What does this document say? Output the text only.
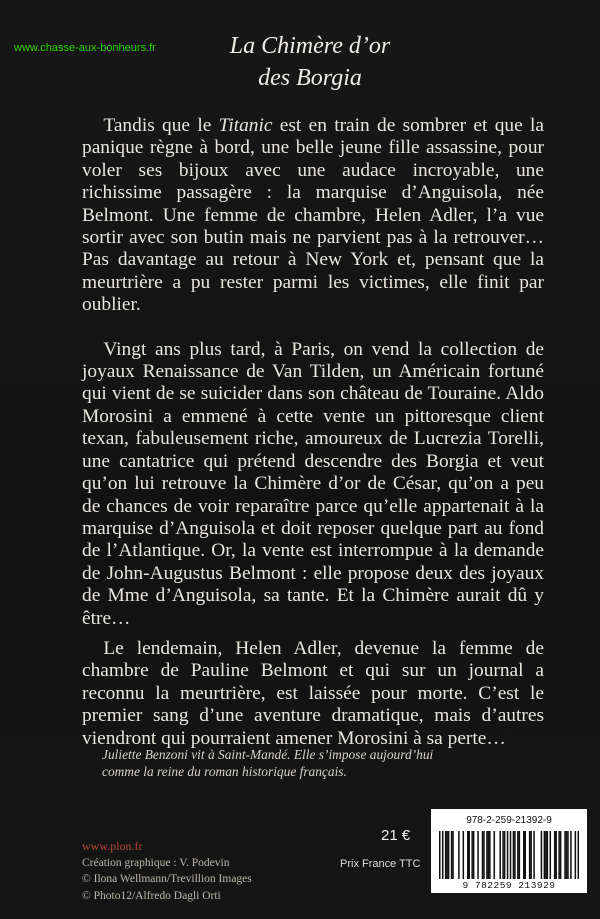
www.chasse-aux-bonheurs.fr	La Chimère d’or
des Borgia

Tandis que le Titanic est en train de sombrer et que la panique règne à bord, une belle jeune fille assassine, pour voler ses bijoux avec une audace incroyable, une richissime passagère : la marquise d’Anguisola, née Belmont. Une femme de chambre, Helen Adler, l’a vue sortir avec son butin mais ne parvient pas à la retrouver… Pas davantage au retour à New York et, pensant que la meurtrière a pu rester parmi les victimes, elle finit par oublier.

Vingt ans plus tard, à Paris, on vend la collection de joyaux Renaissance de Van Tilden, un Américain fortuné qui vient de se suicider dans son château de Touraine. Aldo Morosini a emmené à cette vente un pittoresque client texan, fabuleusement riche, amoureux de Lucrezia Torelli, une cantatrice qui prétend descendre des Borgia et veut qu’on lui retrouve la Chimère d’or de César, qu’on a peu de chances de voir reparaître parce qu’elle appartenait à la marquise d’Anguisola et doit reposer quelque part au fond de l’Atlantique. Or, la vente est interrompue à la demande de John-Augustus Belmont : elle propose deux des joyaux de Mme d’Anguisola, sa tante. Et la Chimère aurait dû y être…

Le lendemain, Helen Adler, devenue la femme de chambre de Pauline Belmont et qui sur un journal a reconnu la meurtrière, est laissée pour morte. C’est le premier sang d’une aventure dramatique, mais d’autres viendront qui pourraient amener Morosini à sa perte…

Juliette Benzoni vit à Saint-Mandé. Elle s’impose aujourd’hui
comme la reine du roman historique français.
www.plon.fr
Création graphique : V. Podevin
© Ilona Wellmann/Trevillion Images
© Photo12/Alfredo Dagli Orti
21 €
Prix France TTC
978-2-259-21392-9
9 782259 213929
